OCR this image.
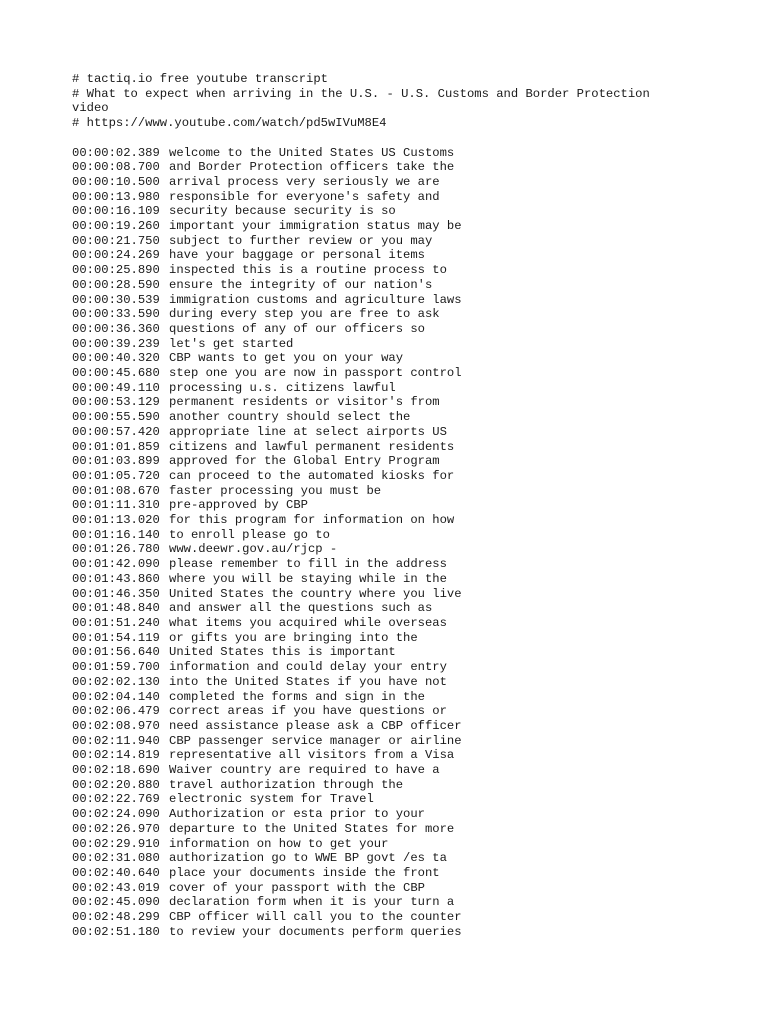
# tactiq.io free youtube transcript
# What to expect when arriving in the U.S. - U.S. Customs and Border Protection video
# https://www.youtube.com/watch/pd5wIVuM8E4
00:00:02.389 welcome to the United States US Customs
00:00:08.700 and Border Protection officers take the
00:00:10.500 arrival process very seriously we are
00:00:13.980 responsible for everyone's safety and
00:00:16.109 security because security is so
00:00:19.260 important your immigration status may be
00:00:21.750 subject to further review or you may
00:00:24.269 have your baggage or personal items
00:00:25.890 inspected this is a routine process to
00:00:28.590 ensure the integrity of our nation's
00:00:30.539 immigration customs and agriculture laws
00:00:33.590 during every step you are free to ask
00:00:36.360 questions of any of our officers so
00:00:39.239 let's get started
00:00:40.320 CBP wants to get you on your way
00:00:45.680 step one you are now in passport control
00:00:49.110 processing u.s. citizens lawful
00:00:53.129 permanent residents or visitor's from
00:00:55.590 another country should select the
00:00:57.420 appropriate line at select airports US
00:01:01.859 citizens and lawful permanent residents
00:01:03.899 approved for the Global Entry Program
00:01:05.720 can proceed to the automated kiosks for
00:01:08.670 faster processing you must be
00:01:11.310 pre-approved by CBP
00:01:13.020 for this program for information on how
00:01:16.140 to enroll please go to
00:01:26.780 www.deewr.gov.au/rjcp -
00:01:42.090 please remember to fill in the address
00:01:43.860 where you will be staying while in the
00:01:46.350 United States the country where you live
00:01:48.840 and answer all the questions such as
00:01:51.240 what items you acquired while overseas
00:01:54.119 or gifts you are bringing into the
00:01:56.640 United States this is important
00:01:59.700 information and could delay your entry
00:02:02.130 into the United States if you have not
00:02:04.140 completed the forms and sign in the
00:02:06.479 correct areas if you have questions or
00:02:08.970 need assistance please ask a CBP officer
00:02:11.940 CBP passenger service manager or airline
00:02:14.819 representative all visitors from a Visa
00:02:18.690 Waiver country are required to have a
00:02:20.880 travel authorization through the
00:02:22.769 electronic system for Travel
00:02:24.090 Authorization or esta prior to your
00:02:26.970 departure to the United States for more
00:02:29.910 information on how to get your
00:02:31.080 authorization go to WWE BP govt /es ta
00:02:40.640 place your documents inside the front
00:02:43.019 cover of your passport with the CBP
00:02:45.090 declaration form when it is your turn a
00:02:48.299 CBP officer will call you to the counter
00:02:51.180 to review your documents perform queries
